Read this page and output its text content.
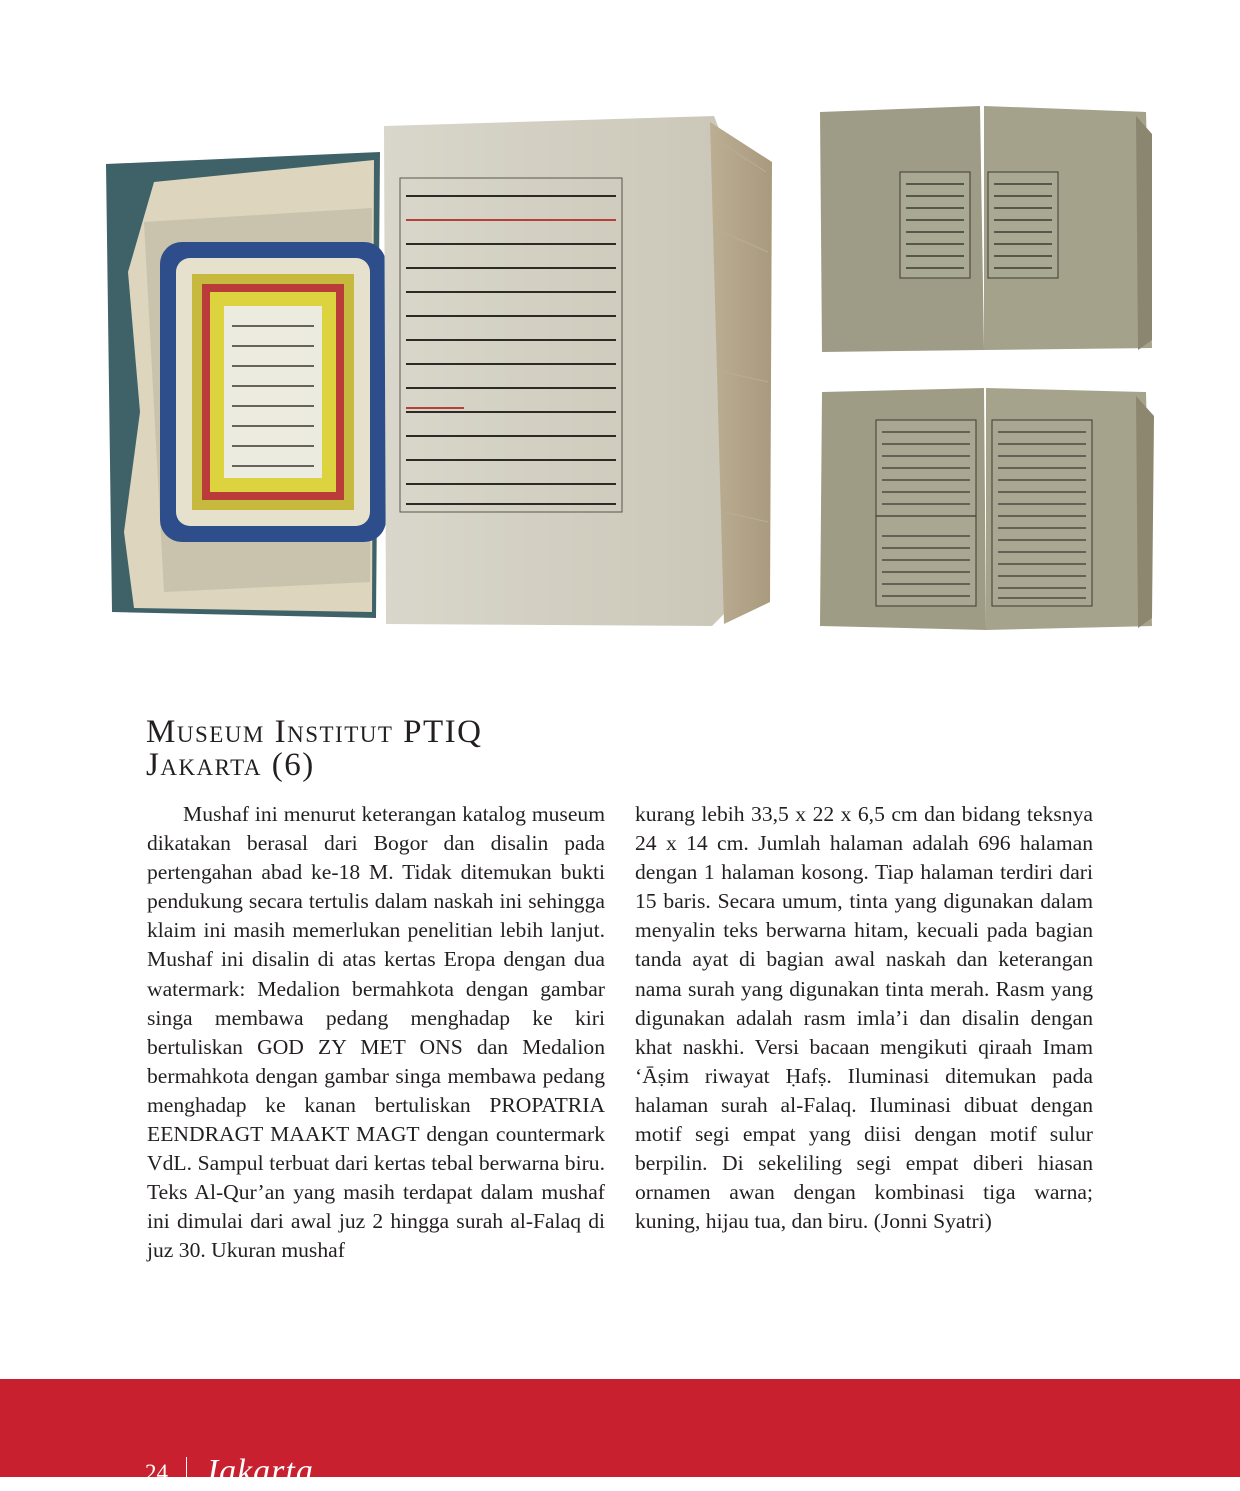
Museum Institut PTIQ
Jakarta (6)
Mushaf ini menurut keterangan katalog museum dikatakan berasal dari Bogor dan disalin pada pertengahan abad ke-18 M. Tidak ditemukan bukti pendukung secara tertulis dalam naskah ini sehingga klaim ini masih memerlukan penelitian lebih lanjut. Mushaf ini disalin di atas kertas Eropa dengan dua watermark: Medalion bermahkota dengan gambar singa membawa pedang menghadap ke kiri bertuliskan GOD ZY MET ONS dan Medalion bermahkota dengan gambar singa membawa pedang menghadap ke kanan bertuliskan PROPATRIA EENDRAGT MAAKT MAGT dengan countermark VdL. Sampul terbuat dari kertas tebal berwarna biru. Teks Al-Qur’an yang masih terdapat dalam mushaf ini dimulai dari awal juz 2 hingga surah al-Falaq di juz 30. Ukuran mushaf
kurang lebih 33,5 x 22 x 6,5 cm dan bidang teksnya 24 x 14 cm. Jumlah halaman adalah 696 halaman dengan 1 halaman kosong. Tiap halaman terdiri dari 15 baris. Secara umum, tinta yang digunakan dalam menyalin teks berwarna hitam, kecuali pada bagian tanda ayat di bagian awal naskah dan keterangan nama surah yang digunakan tinta merah. Rasm yang digunakan adalah rasm imla’i dan disalin dengan khat naskhi. Versi bacaan mengikuti qiraah Imam ‘Āṣim riwayat Ḥafṣ. Iluminasi ditemukan pada halaman surah al-Falaq. Iluminasi dibuat dengan motif segi empat yang diisi dengan motif sulur berpilin. Di sekeliling segi empat diberi hiasan ornamen awan dengan kombinasi tiga warna; kuning, hijau tua, dan biru. (Jonni Syatri)
24 Jakarta
